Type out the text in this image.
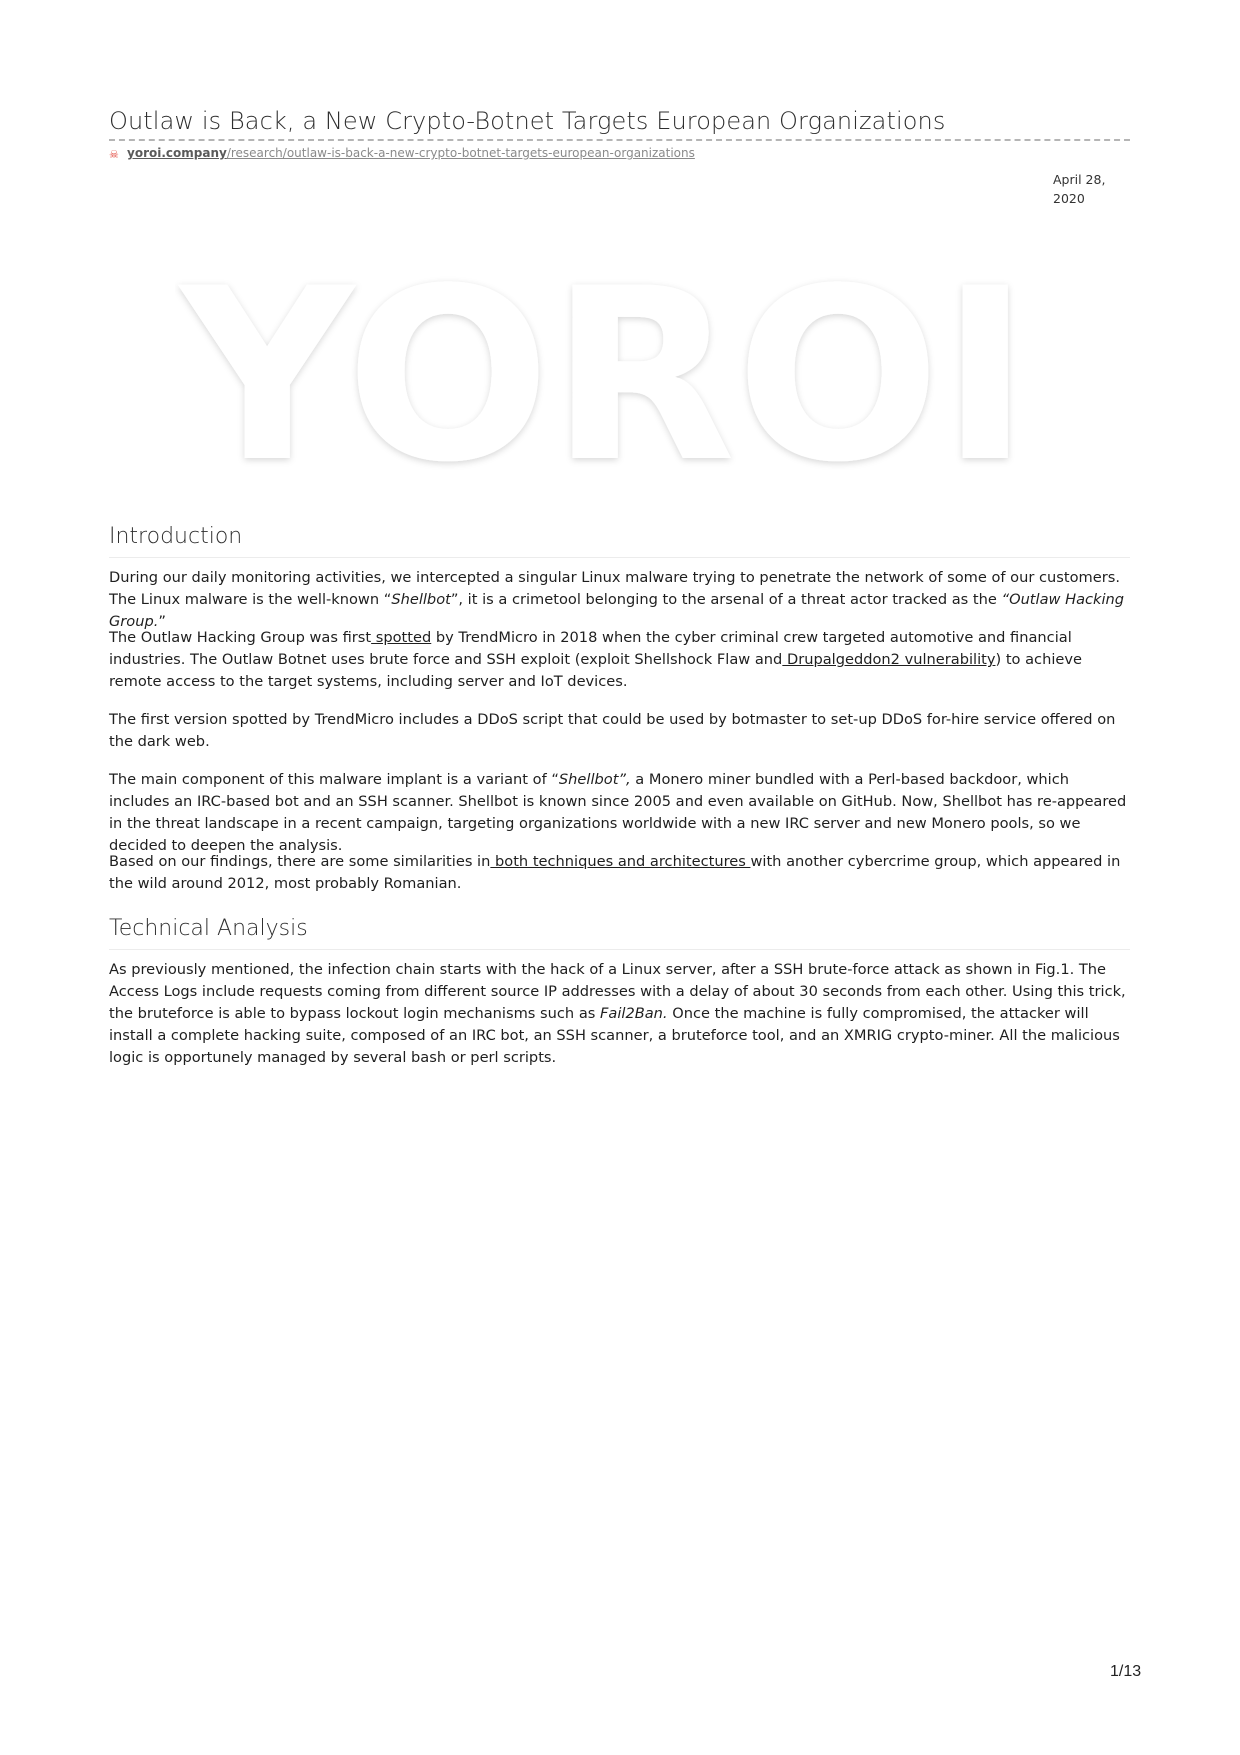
Outlaw is Back, a New Crypto-Botnet Targets European Organizations
☠ yoroi.company/research/outlaw-is-back-a-new-crypto-botnet-targets-european-organizations
April 28,
2020
YOROI
Introduction

During our daily monitoring activities, we intercepted a singular Linux malware trying to penetrate the network of some of our customers. The Linux malware is the well-known “Shellbot”, it is a crimetool belonging to the arsenal of a threat actor tracked as the “Outlaw Hacking Group.”

The Outlaw Hacking Group was first spotted by TrendMicro in 2018 when the cyber criminal crew targeted automotive and financial industries. The Outlaw Botnet uses brute force and SSH exploit (exploit Shellshock Flaw and Drupalgeddon2 vulnerability) to achieve remote access to the target systems, including server and IoT devices.

The first version spotted by TrendMicro includes a DDoS script that could be used by botmaster to set-up DDoS for-hire service offered on the dark web.

The main component of this malware implant is a variant of “Shellbot”, a Monero miner bundled with a Perl-based backdoor, which includes an IRC-based bot and an SSH scanner. Shellbot is known since 2005 and even available on GitHub. Now, Shellbot has re-appeared in the threat landscape in a recent campaign, targeting organizations worldwide with a new IRC server and new Monero pools, so we decided to deepen the analysis.

Based on our findings, there are some similarities in both techniques and architectures with another cybercrime group, which appeared in the wild around 2012, most probably Romanian.

Technical Analysis

As previously mentioned, the infection chain starts with the hack of a Linux server, after a SSH brute-force attack as shown in Fig.1. The Access Logs include requests coming from different source IP addresses with a delay of about 30 seconds from each other. Using this trick, the bruteforce is able to bypass lockout login mechanisms such as Fail2Ban. Once the machine is fully compromised, the attacker will install a complete hacking suite, composed of an IRC bot, an SSH scanner, a bruteforce tool, and an XMRIG crypto-miner. All the malicious logic is opportunely managed by several bash or perl scripts.

1/13
